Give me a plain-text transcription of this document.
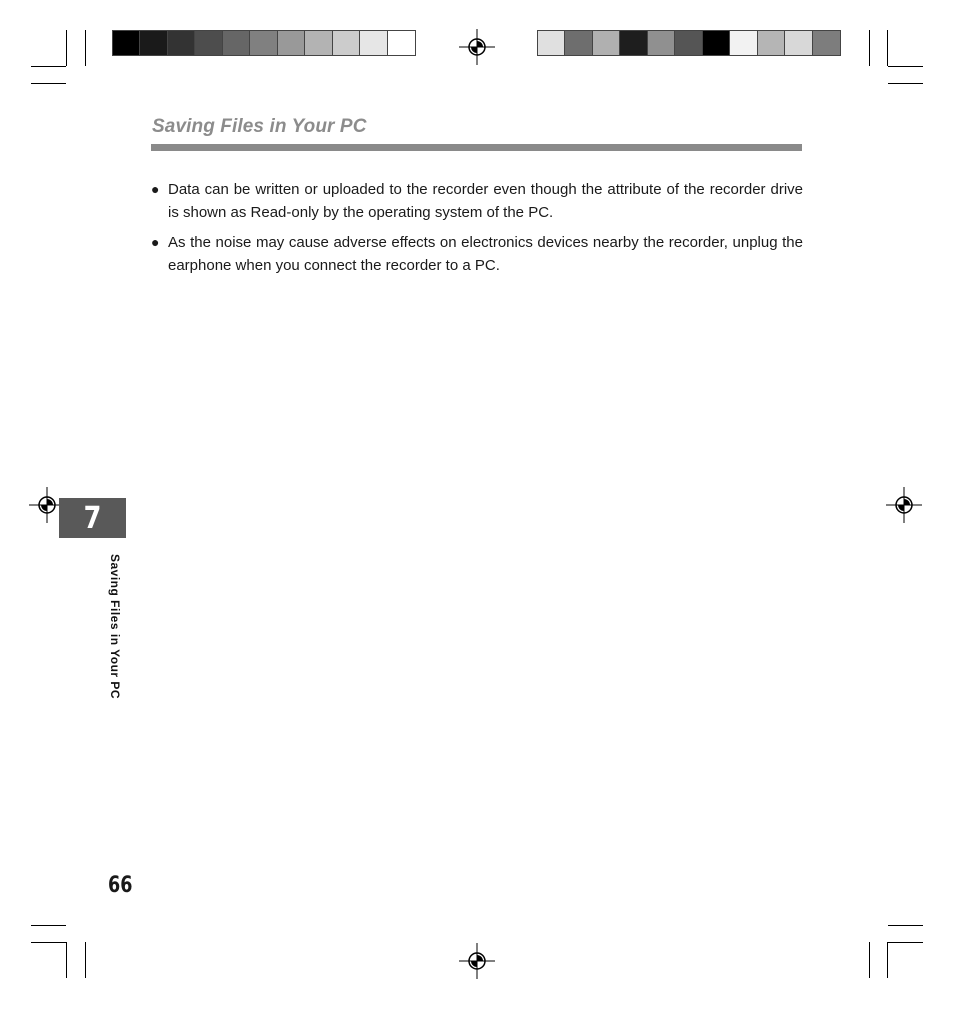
Saving Files in Your PC
● Data can be written or uploaded to the recorder even though the attribute of the recorder drive is shown as Read-only by the operating system of the PC.
● As the noise may cause adverse effects on electronics devices nearby the recorder, unplug the earphone when you connect the recorder to a PC.
7
Saving Files in Your PC
66
